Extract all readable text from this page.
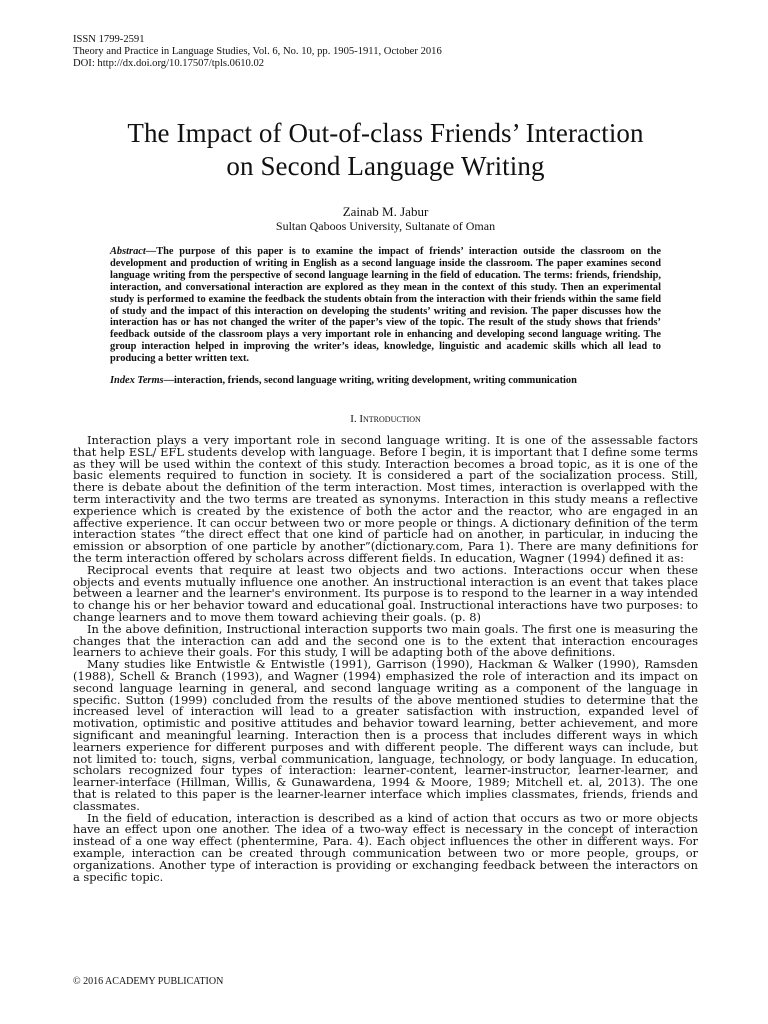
ISSN 1799-2591
Theory and Practice in Language Studies, Vol. 6, No. 10, pp. 1905-1911, October 2016
DOI: http://dx.doi.org/10.17507/tpls.0610.02
The Impact of Out-of-class Friends’ Interaction
on Second Language Writing
Zainab M. Jabur
Sultan Qaboos University, Sultanate of Oman
Abstract—The purpose of this paper is to examine the impact of friends’ interaction outside the classroom on the development and production of writing in English as a second language inside the classroom. The paper examines second language writing from the perspective of second language learning in the field of education. The terms: friends, friendship, interaction, and conversational interaction are explored as they mean in the context of this study. Then an experimental study is performed to examine the feedback the students obtain from the interaction with their friends within the same field of study and the impact of this interaction on developing the students’ writing and revision. The paper discusses how the interaction has or has not changed the writer of the paper’s view of the topic. The result of the study shows that friends’ feedback outside of the classroom plays a very important role in enhancing and developing second language writing. The group interaction helped in improving the writer’s ideas, knowledge, linguistic and academic skills which all lead to producing a better written text.
Index Terms—interaction, friends, second language writing, writing development, writing communication
I. Introduction

Interaction plays a very important role in second language writing. It is one of the assessable factors that help ESL/ EFL students develop with language. Before I begin, it is important that I define some terms as they will be used within the context of this study. Interaction becomes a broad topic, as it is one of the basic elements required to function in society. It is considered a part of the socialization process. Still, there is debate about the definition of the term interaction. Most times, interaction is overlapped with the term interactivity and the two terms are treated as synonyms. Interaction in this study means a reflective experience which is created by the existence of both the actor and the reactor, who are engaged in an affective experience. It can occur between two or more people or things. A dictionary definition of the term interaction states “the direct effect that one kind of particle had on another, in particular, in inducing the emission or absorption of one particle by another”(dictionary.com, Para 1). There are many definitions for the term interaction offered by scholars across different fields. In education, Wagner (1994) defined it as:

Reciprocal events that require at least two objects and two actions. Interactions occur when these objects and events mutually influence one another. An instructional interaction is an event that takes place between a learner and the learner's environment. Its purpose is to respond to the learner in a way intended to change his or her behavior toward and educational goal. Instructional interactions have two purposes: to change learners and to move them toward achieving their goals. (p. 8)

In the above definition, Instructional interaction supports two main goals. The first one is measuring the changes that the interaction can add and the second one is to the extent that interaction encourages learners to achieve their goals. For this study, I will be adapting both of the above definitions.

Many studies like Entwistle & Entwistle (1991), Garrison (1990), Hackman & Walker (1990), Ramsden (1988), Schell & Branch (1993), and Wagner (1994) emphasized the role of interaction and its impact on second language learning in general, and second language writing as a component of the language in specific. Sutton (1999) concluded from the results of the above mentioned studies to determine that the increased level of interaction will lead to a greater satisfaction with instruction, expanded level of motivation, optimistic and positive attitudes and behavior toward learning, better achievement, and more significant and meaningful learning. Interaction then is a process that includes different ways in which learners experience for different purposes and with different people. The different ways can include, but not limited to: touch, signs, verbal communication, language, technology, or body language. In education, scholars recognized four types of interaction: learner-content, learner-instructor, learner-learner, and learner-interface (Hillman, Willis, & Gunawardena, 1994 & Moore, 1989; Mitchell et. al, 2013). The one that is related to this paper is the learner-learner interface which implies classmates, friends, friends and classmates.

In the field of education, interaction is described as a kind of action that occurs as two or more objects have an effect upon one another. The idea of a two-way effect is necessary in the concept of interaction instead of a one way effect (phentermine, Para. 4). Each object influences the other in different ways. For example, interaction can be created through communication between two or more people, groups, or organizations. Another type of interaction is providing or exchanging feedback between the interactors on a specific topic.

© 2016 ACADEMY PUBLICATION
